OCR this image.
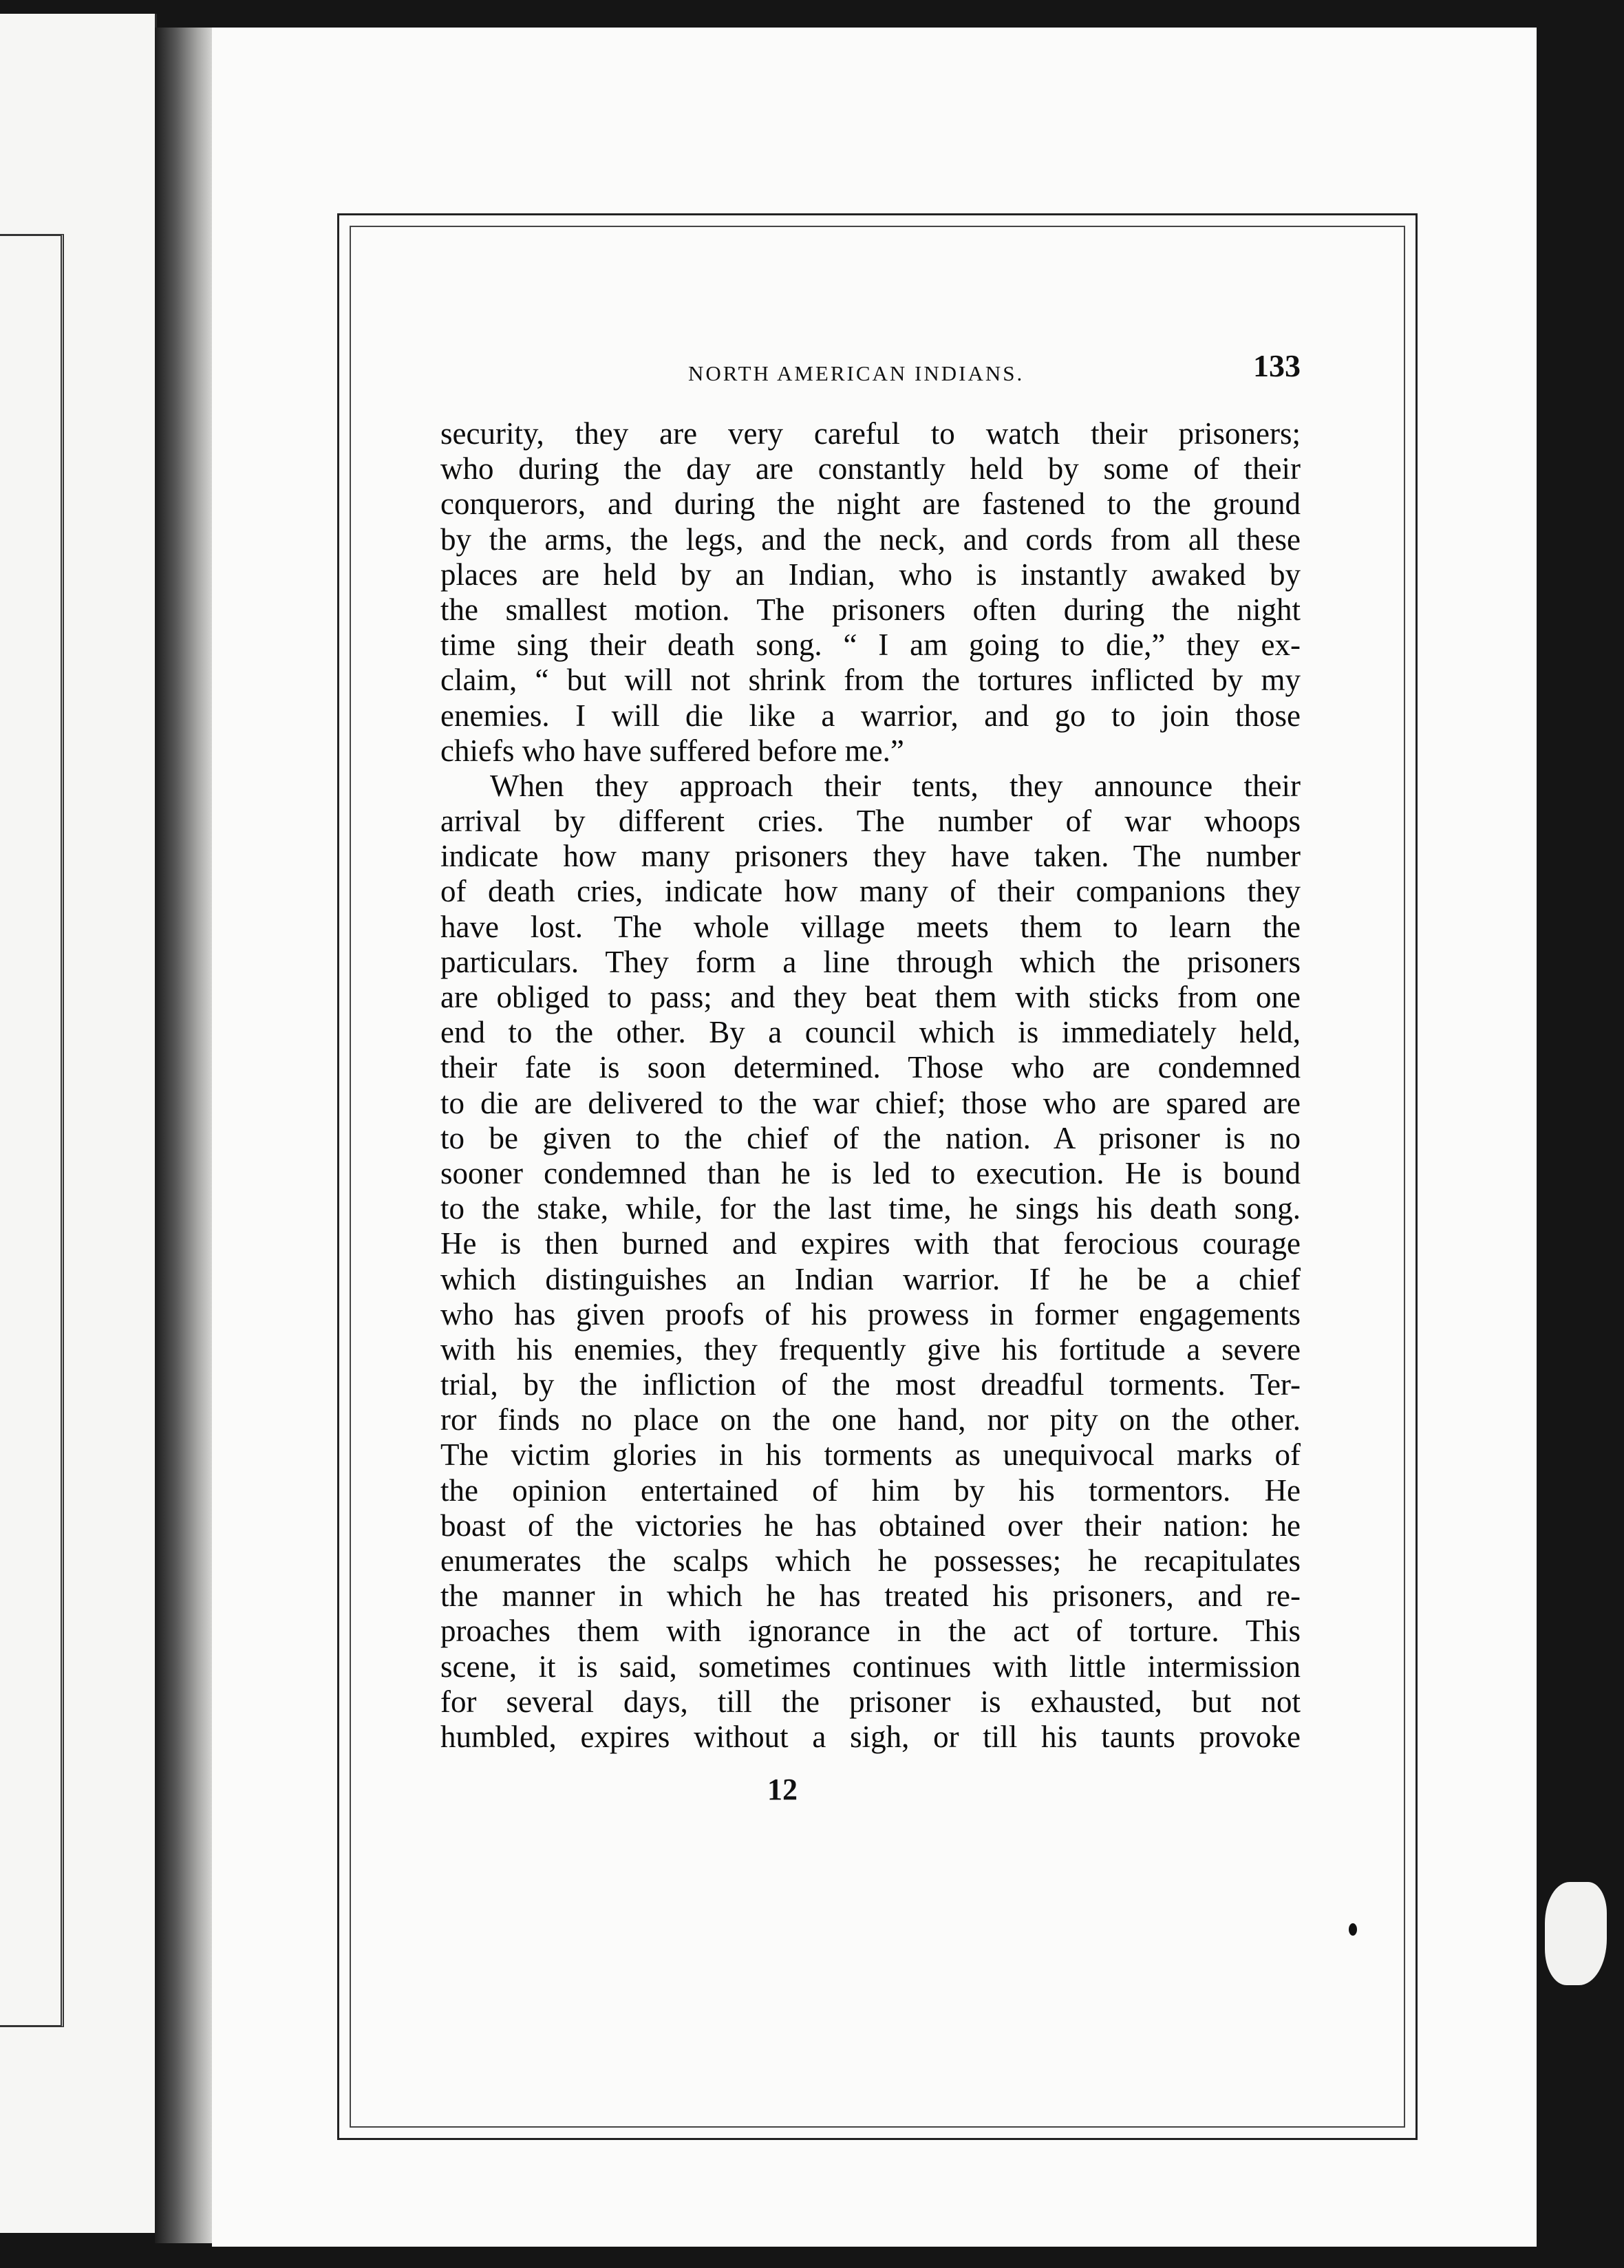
NORTH AMERICAN INDIANS.	133
security, they are very careful to watch their prisoners;
who during the day are constantly held by some of their
conquerors, and during the night are fastened to the ground
by the arms, the legs, and the neck, and cords from all these
places are held by an Indian, who is instantly awaked by
the smallest motion. The prisoners often during the night
time sing their death song. “ I am going to die,” they ex-
claim, “ but will not shrink from the tortures inflicted by my
enemies. I will die like a warrior, and go to join those
chiefs who have suffered before me.”
When they approach their tents, they announce their
arrival by different cries. The number of war whoops
indicate how many prisoners they have taken. The number
of death cries, indicate how many of their companions they
have lost. The whole village meets them to learn the
particulars. They form a line through which the prisoners
are obliged to pass; and they beat them with sticks from one
end to the other. By a council which is immediately held,
their fate is soon determined. Those who are condemned
to die are delivered to the war chief; those who are spared are
to be given to the chief of the nation. A prisoner is no
sooner condemned than he is led to execution. He is bound
to the stake, while, for the last time, he sings his death song.
He is then burned and expires with that ferocious courage
which distinguishes an Indian warrior. If he be a chief
who has given proofs of his prowess in former engagements
with his enemies, they frequently give his fortitude a severe
trial, by the infliction of the most dreadful torments. Ter-
ror finds no place on the one hand, nor pity on the other.
The victim glories in his torments as unequivocal marks of
the opinion entertained of him by his tormentors. He
boast of the victories he has obtained over their nation: he
enumerates the scalps which he possesses; he recapitulates
the manner in which he has treated his prisoners, and re-
proaches them with ignorance in the act of torture. This
scene, it is said, sometimes continues with little intermission
for several days, till the prisoner is exhausted, but not
humbled, expires without a sigh, or till his taunts provoke
12
